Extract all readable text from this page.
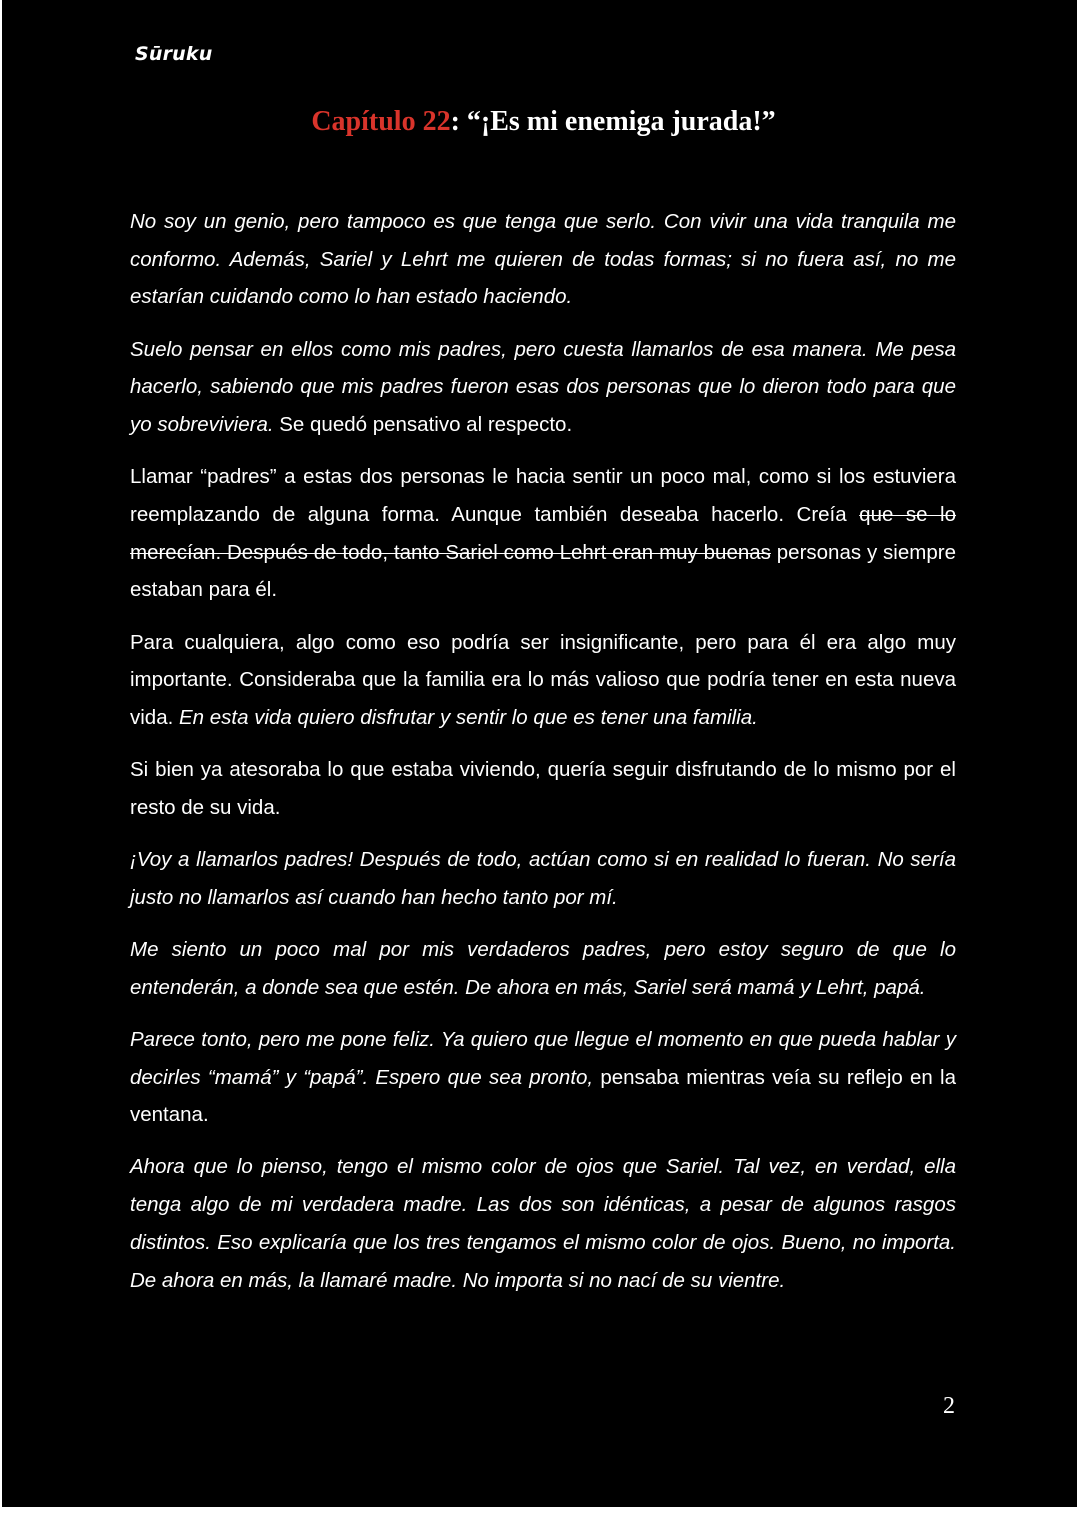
Sūruku
Capítulo 22: “¡Es mi enemiga jurada!”

No soy un genio, pero tampoco es que tenga que serlo. Con vivir una vida tranquila me conformo. Además, Sariel y Lehrt me quieren de todas formas; si no fuera así, no me estarían cuidando como lo han estado haciendo.

Suelo pensar en ellos como mis padres, pero cuesta llamarlos de esa manera. Me pesa hacerlo, sabiendo que mis padres fueron esas dos personas que lo dieron todo para que yo sobreviviera. Se quedó pensativo al respecto.

Llamar “padres” a estas dos personas le hacia sentir un poco mal, como si los estuviera reemplazando de alguna forma. Aunque también deseaba hacerlo. Creía que se lo merecían. Después de todo, tanto Sariel como Lehrt eran muy buenas personas y siempre estaban para él.

Para cualquiera, algo como eso podría ser insignificante, pero para él era algo muy importante. Consideraba que la familia era lo más valioso que podría tener en esta nueva vida. En esta vida quiero disfrutar y sentir lo que es tener una familia.

Si bien ya atesoraba lo que estaba viviendo, quería seguir disfrutando de lo mismo por el resto de su vida.

¡Voy a llamarlos padres! Después de todo, actúan como si en realidad lo fueran. No sería justo no llamarlos así cuando han hecho tanto por mí.

Me siento un poco mal por mis verdaderos padres, pero estoy seguro de que lo entenderán, a donde sea que estén. De ahora en más, Sariel será mamá y Lehrt, papá.

Parece tonto, pero me pone feliz. Ya quiero que llegue el momento en que pueda hablar y decirles “mamá” y “papá”. Espero que sea pronto, pensaba mientras veía su reflejo en la ventana.

Ahora que lo pienso, tengo el mismo color de ojos que Sariel. Tal vez, en verdad, ella tenga algo de mi verdadera madre. Las dos son idénticas, a pesar de algunos rasgos distintos. Eso explicaría que los tres tengamos el mismo color de ojos. Bueno, no importa. De ahora en más, la llamaré madre. No importa si no nací de su vientre.

2
